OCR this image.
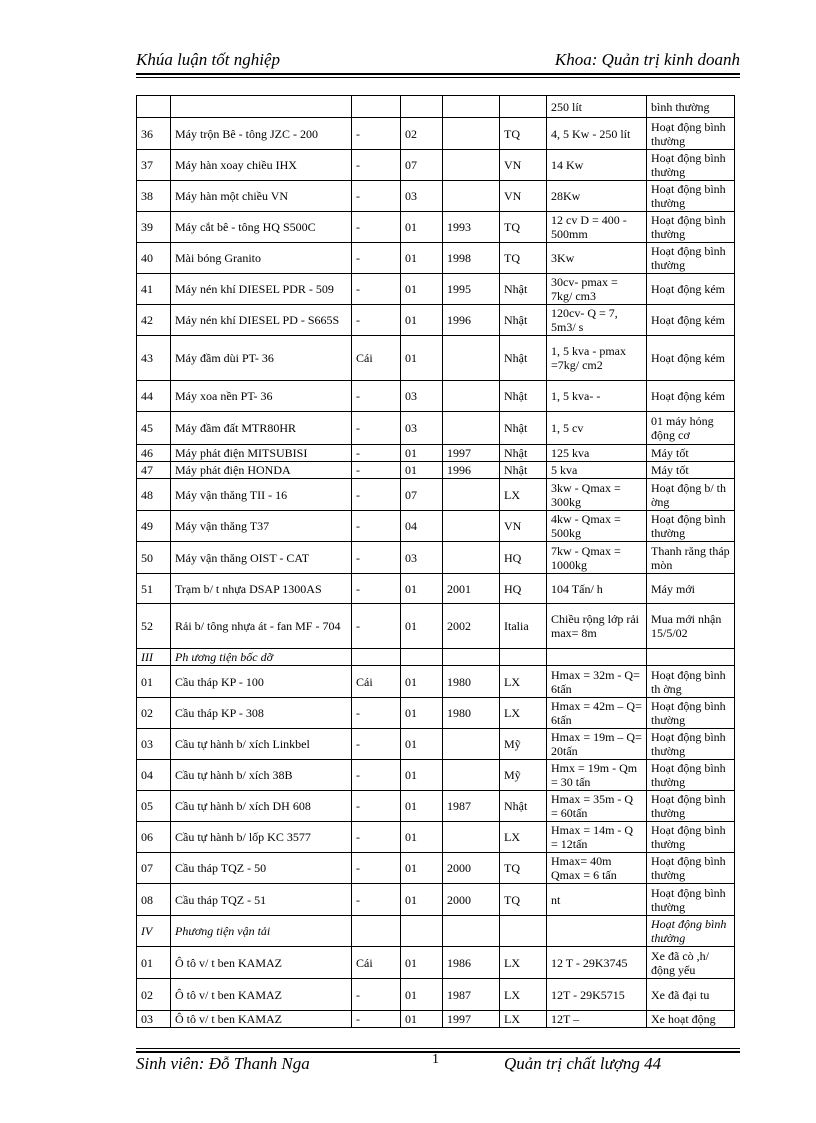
Khúa luận tốt nghiệp	Khoa: Quản trị kinh doanh
						250 lít	bình thường
36	Máy trộn Bê - tông JZC - 200	-	02		TQ	4, 5 Kw - 250 lít	Hoạt động bình thường
37	Máy hàn xoay chiều IHX	-	07		VN	14 Kw	Hoạt động bình thường
38	Máy hàn một chiều VN	-	03		VN	28Kw	Hoạt động bình thường
39	Máy cắt bê - tông HQ S500C	-	01	1993	TQ	12 cv D = 400 - 500mm	Hoạt động bình thường
40	Mài bóng Granito	-	01	1998	TQ	3Kw	Hoạt động bình thường
41	Máy nén khí DIESEL PDR - 509	-	01	1995	Nhật	30cv- pmax = 7kg/ cm3	Hoạt động kém
42	Máy nén khí DIESEL PD - S665S	-	01	1996	Nhật	120cv- Q = 7, 5m3/ s	Hoạt động kém
43	Máy đầm dùi PT- 36	Cái	01		Nhật	1, 5 kva - pmax =7kg/ cm2	Hoạt động kém
44	Máy xoa nền PT- 36	-	03		Nhật	1, 5 kva- -	Hoạt động kém
45	Máy đầm đất MTR80HR	-	03		Nhật	1, 5 cv	01 máy hỏng động cơ
46	Máy phát điện MITSUBISI	-	01	1997	Nhật	125 kva	Máy tốt
47	Máy phát điện HONDA	-	01	1996	Nhật	5 kva	Máy tốt
48	Máy vận thăng TII - 16	-	07		LX	3kw - Qmax = 300kg	Hoạt động b/ th ờng
49	Máy vận thăng T37	-	04		VN	4kw - Qmax = 500kg	Hoạt động bình thường
50	Máy vận thăng OIST - CAT	-	03		HQ	7kw - Qmax = 1000kg	Thanh răng tháp mòn
51	Trạm b/ t nhựa DSAP 1300AS	-	01	2001	HQ	104 Tấn/ h	Máy mới
52	Rải b/ tông nhựa át - fan MF - 704	-	01	2002	Italia	Chiều rộng lớp rải max= 8m	Mua mới nhận 15/5/02
III	Ph ương tiện bốc dỡ						
01	Cầu tháp KP - 100	Cái	01	1980	LX	Hmax = 32m - Q= 6tấn	Hoạt động bình th ờng
02	Cầu tháp KP - 308	-	01	1980	LX	Hmax = 42m – Q= 6tấn	Hoạt động bình thường
03	Cầu tự hành b/ xích Linkbel	-	01		Mỹ	Hmax = 19m – Q= 20tấn	Hoạt động bình thường
04	Cầu tự hành b/ xích 38B	-	01		Mỹ	Hmx = 19m - Qm = 30 tấn	Hoạt động bình thường
05	Cầu tự hành b/ xích DH 608	-	01	1987	Nhật	Hmax = 35m - Q = 60tấn	Hoạt động bình thường
06	Cầu tự hành b/ lốp KC 3577	-	01		LX	Hmax = 14m - Q = 12tấn	Hoạt động bình thường
07	Cầu tháp TQZ - 50	-	01	2000	TQ	Hmax= 40m Qmax = 6 tấn	Hoạt động bình thường
08	Cầu tháp TQZ - 51	-	01	2000	TQ	nt	Hoạt động bình thường
IV	Phương tiện vận tải						Hoạt động bình thường
01	Ô tô v/ t ben KAMAZ	Cái	01	1986	LX	12 T - 29K3745	Xe đã cò ,h/ động yếu
02	Ô tô v/ t ben KAMAZ	-	01	1987	LX	12T - 29K5715	Xe đã đại tu
03	Ô tô v/ t ben KAMAZ	-	01	1997	LX	12T –	Xe hoạt động
Sinh viên: Đỗ Thanh Nga	1	Quản trị chất lượng 44
